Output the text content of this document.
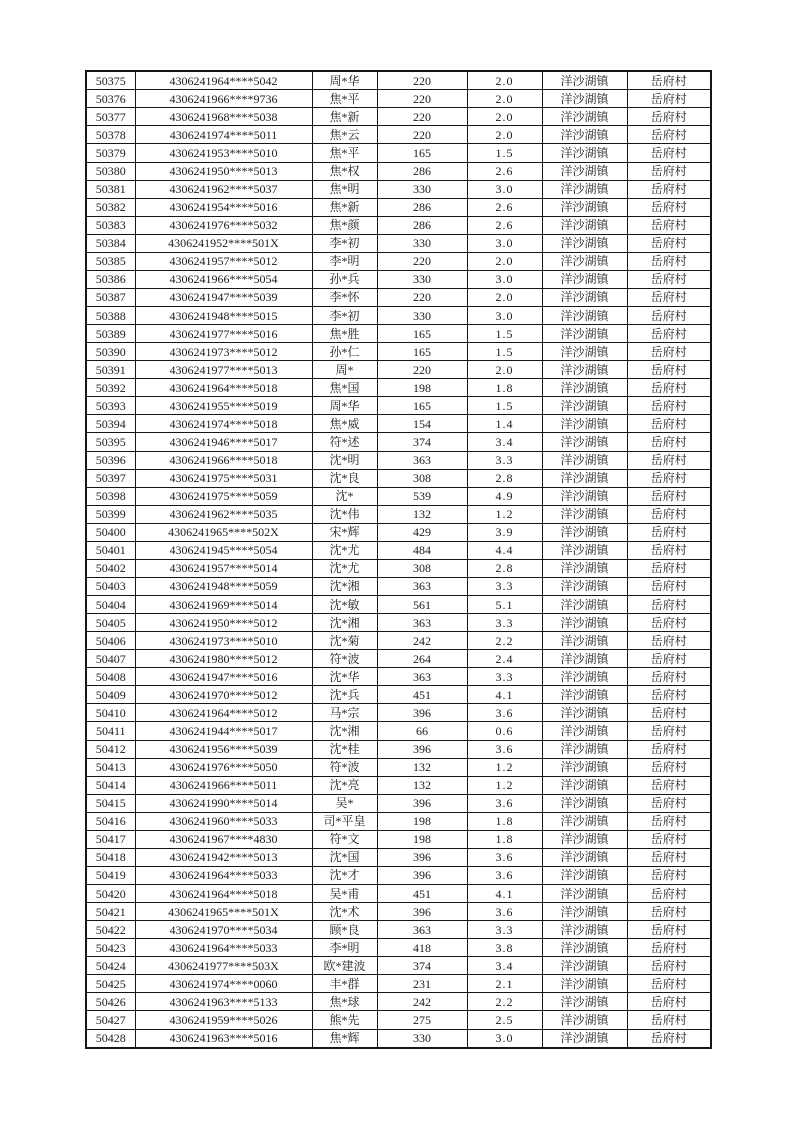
50375	4306241964****5042	周*华	220	2.0	洋沙湖镇	岳府村
50376	4306241966****9736	焦*平	220	2.0	洋沙湖镇	岳府村
50377	4306241968****5038	焦*新	220	2.0	洋沙湖镇	岳府村
50378	4306241974****5011	焦*云	220	2.0	洋沙湖镇	岳府村
50379	4306241953****5010	焦*平	165	1.5	洋沙湖镇	岳府村
50380	4306241950****5013	焦*权	286	2.6	洋沙湖镇	岳府村
50381	4306241962****5037	焦*明	330	3.0	洋沙湖镇	岳府村
50382	4306241954****5016	焦*新	286	2.6	洋沙湖镇	岳府村
50383	4306241976****5032	焦*颜	286	2.6	洋沙湖镇	岳府村
50384	4306241952****501X	李*初	330	3.0	洋沙湖镇	岳府村
50385	4306241957****5012	李*明	220	2.0	洋沙湖镇	岳府村
50386	4306241966****5054	孙*兵	330	3.0	洋沙湖镇	岳府村
50387	4306241947****5039	李*怀	220	2.0	洋沙湖镇	岳府村
50388	4306241948****5015	李*初	330	3.0	洋沙湖镇	岳府村
50389	4306241977****5016	焦*胜	165	1.5	洋沙湖镇	岳府村
50390	4306241973****5012	孙*仁	165	1.5	洋沙湖镇	岳府村
50391	4306241977****5013	周*	220	2.0	洋沙湖镇	岳府村
50392	4306241964****5018	焦*国	198	1.8	洋沙湖镇	岳府村
50393	4306241955****5019	周*华	165	1.5	洋沙湖镇	岳府村
50394	4306241974****5018	焦*威	154	1.4	洋沙湖镇	岳府村
50395	4306241946****5017	符*述	374	3.4	洋沙湖镇	岳府村
50396	4306241966****5018	沈*明	363	3.3	洋沙湖镇	岳府村
50397	4306241975****5031	沈*良	308	2.8	洋沙湖镇	岳府村
50398	4306241975****5059	沈*	539	4.9	洋沙湖镇	岳府村
50399	4306241962****5035	沈*伟	132	1.2	洋沙湖镇	岳府村
50400	4306241965****502X	宋*辉	429	3.9	洋沙湖镇	岳府村
50401	4306241945****5054	沈*尤	484	4.4	洋沙湖镇	岳府村
50402	4306241957****5014	沈*尤	308	2.8	洋沙湖镇	岳府村
50403	4306241948****5059	沈*湘	363	3.3	洋沙湖镇	岳府村
50404	4306241969****5014	沈*敏	561	5.1	洋沙湖镇	岳府村
50405	4306241950****5012	沈*湘	363	3.3	洋沙湖镇	岳府村
50406	4306241973****5010	沈*菊	242	2.2	洋沙湖镇	岳府村
50407	4306241980****5012	符*波	264	2.4	洋沙湖镇	岳府村
50408	4306241947****5016	沈*华	363	3.3	洋沙湖镇	岳府村
50409	4306241970****5012	沈*兵	451	4.1	洋沙湖镇	岳府村
50410	4306241964****5012	马*宗	396	3.6	洋沙湖镇	岳府村
50411	4306241944****5017	沈*湘	66	0.6	洋沙湖镇	岳府村
50412	4306241956****5039	沈*桂	396	3.6	洋沙湖镇	岳府村
50413	4306241976****5050	符*波	132	1.2	洋沙湖镇	岳府村
50414	4306241966****5011	沈*亮	132	1.2	洋沙湖镇	岳府村
50415	4306241990****5014	吴*	396	3.6	洋沙湖镇	岳府村
50416	4306241960****5033	司*平皇	198	1.8	洋沙湖镇	岳府村
50417	4306241967****4830	符*文	198	1.8	洋沙湖镇	岳府村
50418	4306241942****5013	沈*国	396	3.6	洋沙湖镇	岳府村
50419	4306241964****5033	沈*才	396	3.6	洋沙湖镇	岳府村
50420	4306241964****5018	吴*甫	451	4.1	洋沙湖镇	岳府村
50421	4306241965****501X	沈*术	396	3.6	洋沙湖镇	岳府村
50422	4306241970****5034	顾*良	363	3.3	洋沙湖镇	岳府村
50423	4306241964****5033	李*明	418	3.8	洋沙湖镇	岳府村
50424	4306241977****503X	欧*建波	374	3.4	洋沙湖镇	岳府村
50425	4306241974****0060	丰*群	231	2.1	洋沙湖镇	岳府村
50426	4306241963****5133	焦*球	242	2.2	洋沙湖镇	岳府村
50427	4306241959****5026	熊*先	275	2.5	洋沙湖镇	岳府村
50428	4306241963****5016	焦*辉	330	3.0	洋沙湖镇	岳府村
